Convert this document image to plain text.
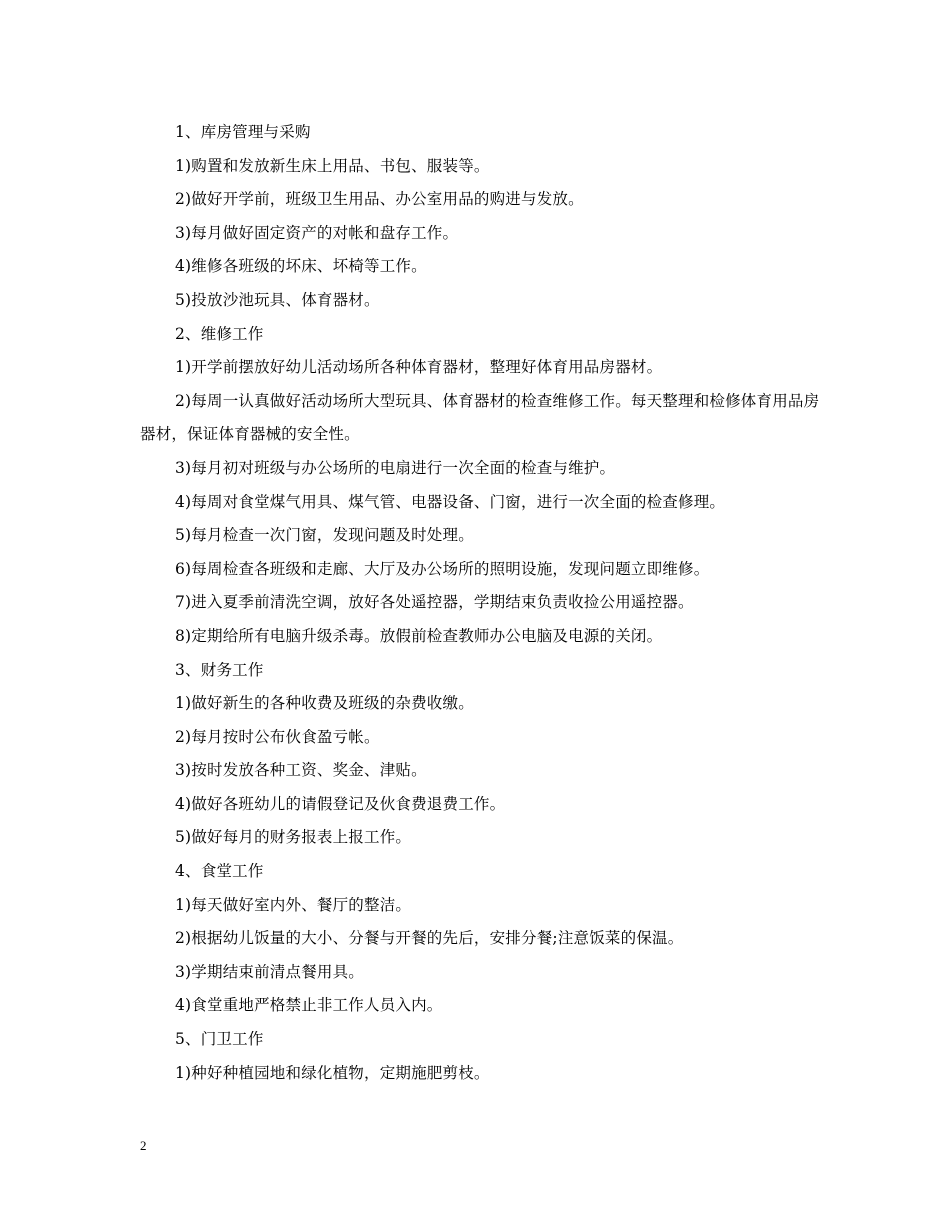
1、库房管理与采购

1)购置和发放新生床上用品、书包、服装等。

2)做好开学前，班级卫生用品、办公室用品的购进与发放。

3)每月做好固定资产的对帐和盘存工作。

4)维修各班级的坏床、坏椅等工作。

5)投放沙池玩具、体育器材。

2、维修工作

1)开学前摆放好幼儿活动场所各种体育器材，整理好体育用品房器材。

2)每周一认真做好活动场所大型玩具、体育器材的检查维修工作。每天整理和检修体育用品房器材，保证体育器械的安全性。

3)每月初对班级与办公场所的电扇进行一次全面的检查与维护。

4)每周对食堂煤气用具、煤气管、电器设备、门窗，进行一次全面的检查修理。

5)每月检查一次门窗，发现问题及时处理。

6)每周检查各班级和走廊、大厅及办公场所的照明设施，发现问题立即维修。

7)进入夏季前清洗空调，放好各处遥控器，学期结束负责收捡公用遥控器。

8)定期给所有电脑升级杀毒。放假前检查教师办公电脑及电源的关闭。

3、财务工作

1)做好新生的各种收费及班级的杂费收缴。

2)每月按时公布伙食盈亏帐。

3)按时发放各种工资、奖金、津贴。

4)做好各班幼儿的请假登记及伙食费退费工作。

5)做好每月的财务报表上报工作。

4、食堂工作

1)每天做好室内外、餐厅的整洁。

2)根据幼儿饭量的大小、分餐与开餐的先后，安排分餐;注意饭菜的保温。

3)学期结束前清点餐用具。

4)食堂重地严格禁止非工作人员入内。

5、门卫工作

1)种好种植园地和绿化植物，定期施肥剪枝。

2
